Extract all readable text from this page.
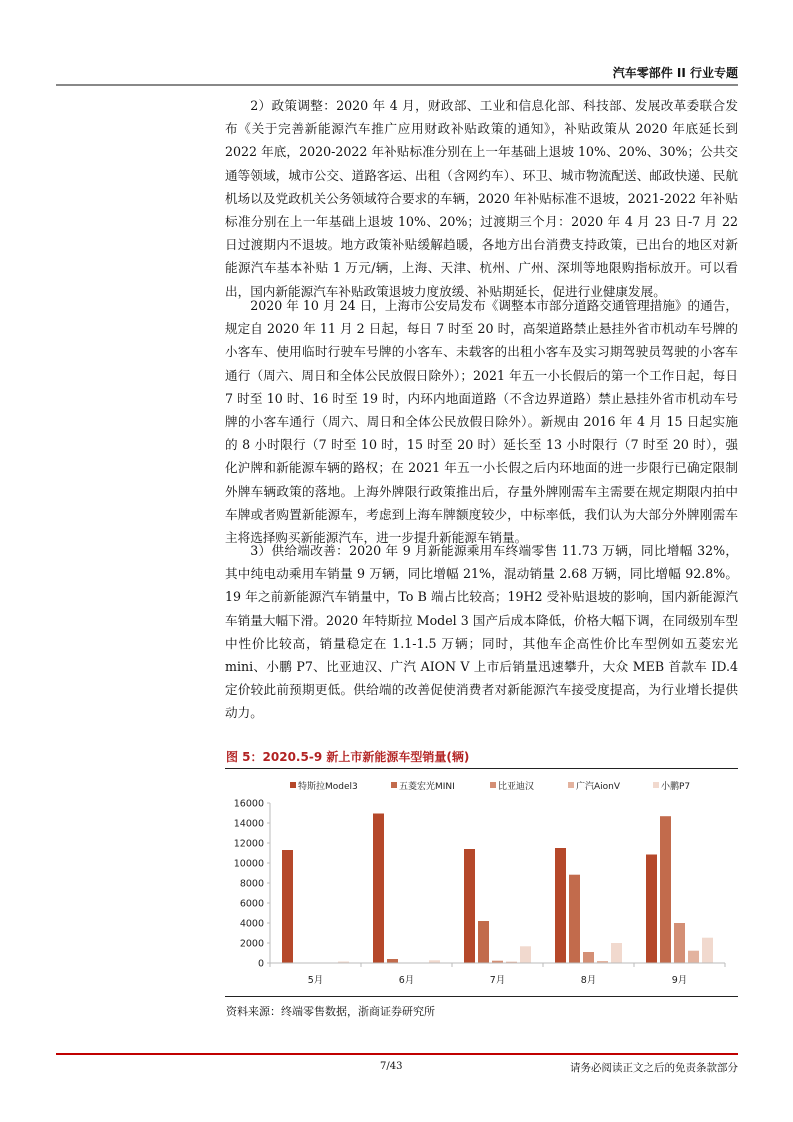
汽车零部件 II 行业专题

2）政策调整：2020 年 4 月，财政部、工业和信息化部、科技部、发展改革委联合发布《关于完善新能源汽车推广应用财政补贴政策的通知》，补贴政策从 2020 年底延长到 2022 年底，2020-2022 年补贴标准分别在上一年基础上退坡 10%、20%、30%；公共交通等领域，城市公交、道路客运、出租（含网约车）、环卫、城市物流配送、邮政快递、民航机场以及党政机关公务领域符合要求的车辆，2020 年补贴标准不退坡，2021-2022 年补贴标准分别在上一年基础上退坡 10%、20%；过渡期三个月：2020 年 4 月 23 日-7 月 22 日过渡期内不退坡。地方政策补贴缓解趋暖，各地方出台消费支持政策，已出台的地区对新能源汽车基本补贴 1 万元/辆，上海、天津、杭州、广州、深圳等地限购指标放开。可以看出，国内新能源汽车补贴政策退坡力度放缓、补贴期延长，促进行业健康发展。

2020 年 10 月 24 日，上海市公安局发布《调整本市部分道路交通管理措施》的通告，规定自 2020 年 11 月 2 日起，每日 7 时至 20 时，高架道路禁止悬挂外省市机动车号牌的小客车、使用临时行驶车号牌的小客车、未载客的出租小客车及实习期驾驶员驾驶的小客车通行（周六、周日和全体公民放假日除外）；2021 年五一小长假后的第一个工作日起，每日 7 时至 10 时、16 时至 19 时，内环内地面道路（不含边界道路）禁止悬挂外省市机动车号牌的小客车通行（周六、周日和全体公民放假日除外）。新规由 2016 年 4 月 15 日起实施的 8 小时限行（7 时至 10 时，15 时至 20 时）延长至 13 小时限行（7 时至 20 时），强化沪牌和新能源车辆的路权；在 2021 年五一小长假之后内环地面的进一步限行已确定限制外牌车辆政策的落地。上海外牌限行政策推出后，存量外牌刚需车主需要在规定期限内拍中车牌或者购置新能源车，考虑到上海车牌额度较少，中标率低，我们认为大部分外牌刚需车主将选择购买新能源汽车，进一步提升新能源车销量。

3）供给端改善：2020 年 9 月新能源乘用车终端零售 11.73 万辆，同比增幅 32%，其中纯电动乘用车销量 9 万辆，同比增幅 21%，混动销量 2.68 万辆，同比增幅 92.8%。19 年之前新能源汽车销量中，To B 端占比较高；19H2 受补贴退坡的影响，国内新能源汽车销量大幅下滑。2020 年特斯拉 Model 3 国产后成本降低，价格大幅下调，在同级别车型中性价比较高，销量稳定在 1.1-1.5 万辆；同时，其他车企高性价比车型例如五菱宏光 mini、小鹏 P7、比亚迪汉、广汽 AION V 上市后销量迅速攀升，大众 MEB 首款车 ID.4 定价较此前预期更低。供给端的改善促使消费者对新能源汽车接受度提高，为行业增长提供动力。

图 5：2020.5-9 新上市新能源车型销量(辆)
特斯拉Model3	五菱宏光MINI	比亚迪汉	广汽AionV	小鹏P7
0
2000
4000
6000
8000
10000
12000
14000
16000
5月	6月	7月	8月	9月
资料来源：终端零售数据，浙商证券研究所
7/43	请务必阅读正文之后的免责条款部分
